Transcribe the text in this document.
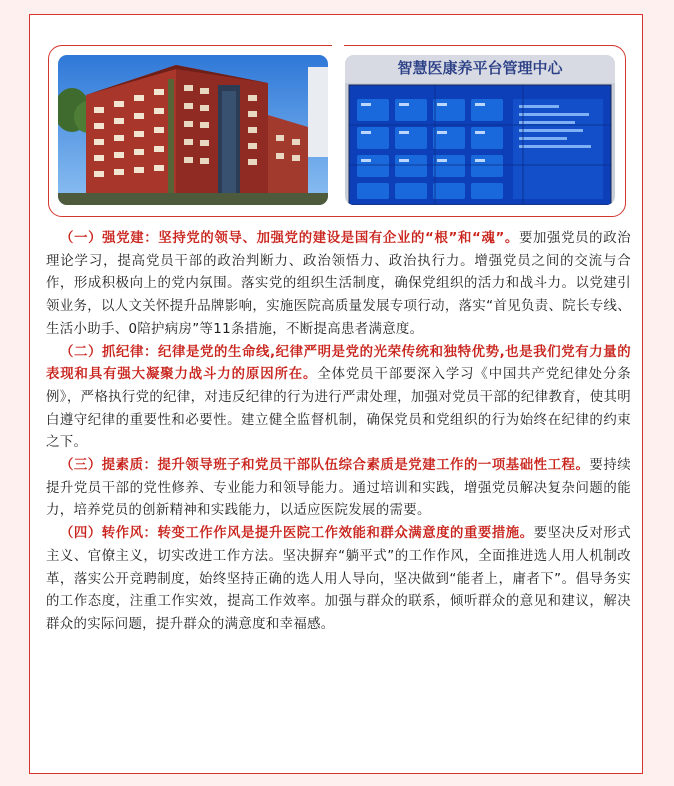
智慧医康养平台管理中心

 （一）强党建：坚持党的领导、加强党的建设是国有企业的“根”和“魂”。要加强党员的政治理论学习，提高党员干部的政治判断力、政治领悟力、政治执行力。增强党员之间的交流与合作，形成积极向上的党内氛围。落实党的组织生活制度，确保党组织的活力和战斗力。以党建引领业务，以人文关怀提升品牌影响，实施医院高质量发展专项行动，落实“首见负责、院长专线、生活小助手、0陪护病房”等11条措施，不断提高患者满意度。

 （二）抓纪律：纪律是党的生命线,纪律严明是党的光荣传统和独特优势,也是我们党有力量的表现和具有强大凝聚力战斗力的原因所在。全体党员干部要深入学习《中国共产党纪律处分条例》，严格执行党的纪律，对违反纪律的行为进行严肃处理，加强对党员干部的纪律教育，使其明白遵守纪律的重要性和必要性。建立健全监督机制，确保党员和党组织的行为始终在纪律的约束之下。

 （三）提素质：提升领导班子和党员干部队伍综合素质是党建工作的一项基础性工程。要持续提升党员干部的党性修养、专业能力和领导能力。通过培训和实践，增强党员解决复杂问题的能力，培养党员的创新精神和实践能力，以适应医院发展的需要。

 （四）转作风：转变工作作风是提升医院工作效能和群众满意度的重要措施。要坚决反对形式主义、官僚主义，切实改进工作方法。坚决摒弃“躺平式”的工作作风，全面推进选人用人机制改革，落实公开竞聘制度，始终坚持正确的选人用人导向，坚决做到“能者上，庸者下”。倡导务实的工作态度，注重工作实效，提高工作效率。加强与群众的联系，倾听群众的意见和建议，解决群众的实际问题，提升群众的满意度和幸福感。
